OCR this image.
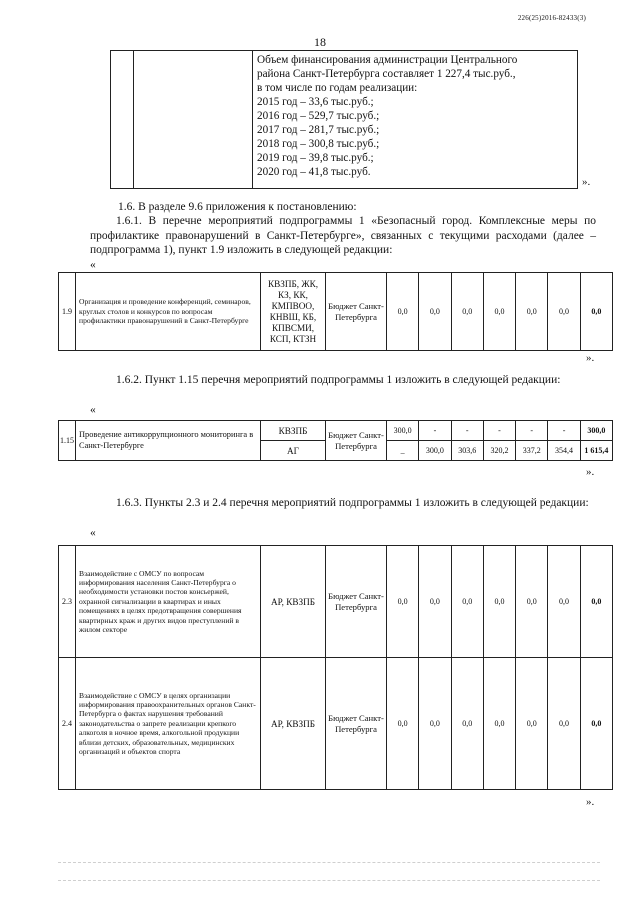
226(25)2016-82433(3)
18

Объем финансирования администрации Центрального
района Санкт-Петербурга составляет 1 227,4 тыс.руб.,
в том числе по годам реализации:
2015 год – 33,6 тыс.руб.;
2016 год – 529,7 тыс.руб.;
2017 год – 281,7 тыс.руб.;
2018 год – 300,8 тыс.руб.;
2019 год – 39,8 тыс.руб.;
2020 год – 41,8 тыс.руб.
».
1.6. В разделе 9.6 приложения к постановлению:
1.6.1. В перечне мероприятий подпрограммы 1 «Безопасный город. Комплексные меры по профилактике правонарушений в Санкт-Петербурге», связанных с текущими расходами (далее – подпрограмма 1), пункт 1.9 изложить в следующей редакции:
«
1.9	Организация и проведение конференций, семинаров, круглых столов и конкурсов по вопросам профилактики правонарушений в Санкт-Петербурге	КВЗПБ, ЖК, КЗ, КК, КМПВОО, КНВШ, КБ, КПВСМИ, КСП, КТЗН	Бюджет Санкт-Петербурга	0,0	0,0	0,0	0,0	0,0	0,0	0,0
».
1.6.2. Пункт 1.15 перечня мероприятий подпрограммы 1 изложить в следующей редакции:
«
1.15	Проведение антикоррупционного мониторинга в Санкт-Петербурге	КВЗПБ	Бюджет Санкт-Петербурга	300,0	-	-	-	-	-	300,0
		АГ		_	300,0	303,6	320,2	337,2	354,4	1 615,4
».
1.6.3. Пункты 2.3 и 2.4 перечня мероприятий подпрограммы 1 изложить в следующей редакции:
«
2.3	Взаимодействие с ОМСУ по вопросам информирования населения Санкт-Петербурга о необходимости установки постов консьержей, охранной сигнализации в квартирах и иных помещениях в целях предотвращения совершения квартирных краж и других видов преступлений в жилом секторе	АР, КВЗПБ	Бюджет Санкт-Петербурга	0,0	0,0	0,0	0,0	0,0	0,0	0,0
2.4	Взаимодействие с ОМСУ в целях организации информирования правоохранительных органов Санкт-Петербурга о фактах нарушения требований законодательства о запрете реализации крепкого алкоголя в ночное время, алкогольной продукции вблизи детских, образовательных, медицинских организаций и объектов спорта	АР, КВЗПБ	Бюджет Санкт-Петербурга	0,0	0,0	0,0	0,0	0,0	0,0	0,0
».
